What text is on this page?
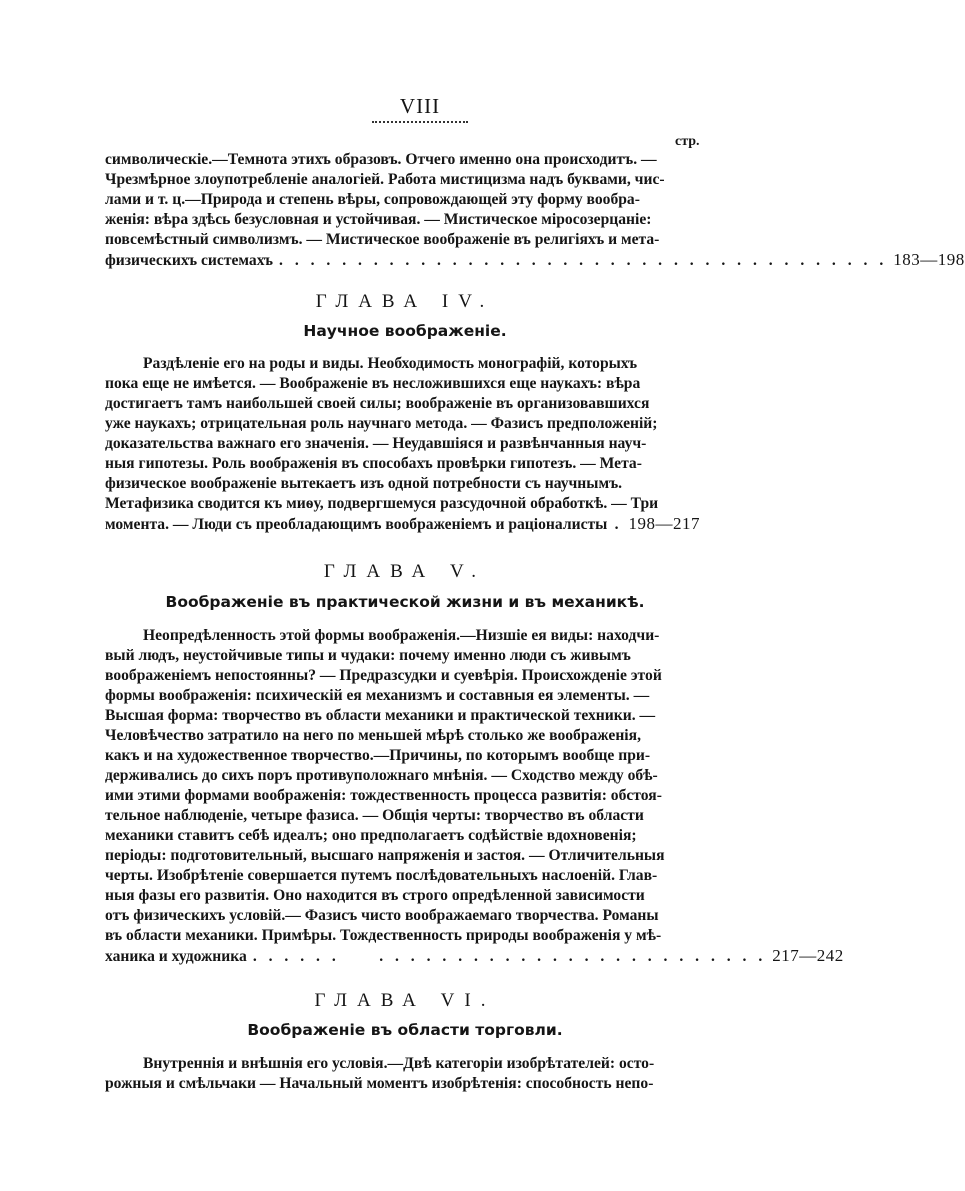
VIII
стр.
символическіе.—Темнота этихъ образовъ. Отчего именно она происходитъ. —
Чрезмѣрное злоупотребленіе аналогіей. Работа мистицизма надъ буквами, чис-
лами и т. ц.—Природа и степень вѣры, сопровождающей эту форму вообра-
женія: вѣра здѣсь безусловная и устойчивая. — Мистическое міросозерцаніе:
повсемѣстный символизмъ. — Мистическое воображеніе въ религіяхъ и мета-
физическихъ системахъ . . . . . . . . . . . . . . . . . . . . . . . . . . . . . . . . . . . . . . . 183—198
ГЛАВА IV.
Научное воображеніе.
Раздѣленіе его на роды и виды. Необходимость монографій, которыхъ
пока еще не имѣется. — Воображеніе въ несложившихся еще наукахъ: вѣра
достигаетъ тамъ наибольшей своей силы; воображеніе въ организовавшихся
уже наукахъ; отрицательная роль научнаго метода. — Фазисъ предположеній;
доказательства важнаго его значенія. — Неудавшіяся и развѣнчанныя науч-
ныя гипотезы. Роль воображенія въ способахъ провѣрки гипотезъ. — Мета-
физическое воображеніе вытекаетъ изъ одной потребности съ научнымъ.
Метафизика сводится къ миѳу, подвергшемуся разсудочной обработкѣ. — Три
момента. — Люди съ преобладающимъ воображеніемъ и раціоналисты . 198—217
ГЛАВА V.
Воображеніе въ практической жизни и въ механикѣ.
Неопредѣленность этой формы воображенія.—Низшіе ея виды: находчи-
вый людъ, неустойчивые типы и чудаки: почему именно люди съ живымъ
воображеніемъ непостоянны? — Предразсудки и суевѣрія. Происхожденіе этой
формы воображенія: психическій ея механизмъ и составныя ея элементы. —
Высшая форма: творчество въ области механики и практической техники. —
Человѣчество затратило на него по меньшей мѣрѣ столько же воображенія,
какъ и на художественное творчество.—Причины, по которымъ вообще при-
держивались до сихъ поръ противуположнаго мнѣнія. — Сходство между обѣ-
ими этими формами воображенія: тождественность процесса развитія: обстоя-
тельное наблюденіе, четыре фазиса. — Общія черты: творчество въ области
механики ставитъ себѣ идеалъ; оно предполагаетъ содѣйствіе вдохновенія;
періоды: подготовительный, высшаго напряженія и застоя. — Отличительныя
черты. Изобрѣтеніе совершается путемъ послѣдовательныхъ наслоеній. Глав-
ныя фазы его развитія. Оно находится въ строго опредѣленной зависимости
отъ физическихъ условій.— Фазисъ чисто воображаемаго творчества. Романы
въ области механики. Примѣры. Тождественность природы воображенія у мѣ-
ханика и художника . . . . . .     . . . . . . . . . . . . . . . . . . . . . . . . . 217—242
ГЛАВА VI.
Воображеніе въ области торговли.
Внутреннія и внѣшнія его условія.—Двѣ категоріи изобрѣтателей: осто-
рожныя и смѣльчаки — Начальный моментъ изобрѣтенія: способность непо-
